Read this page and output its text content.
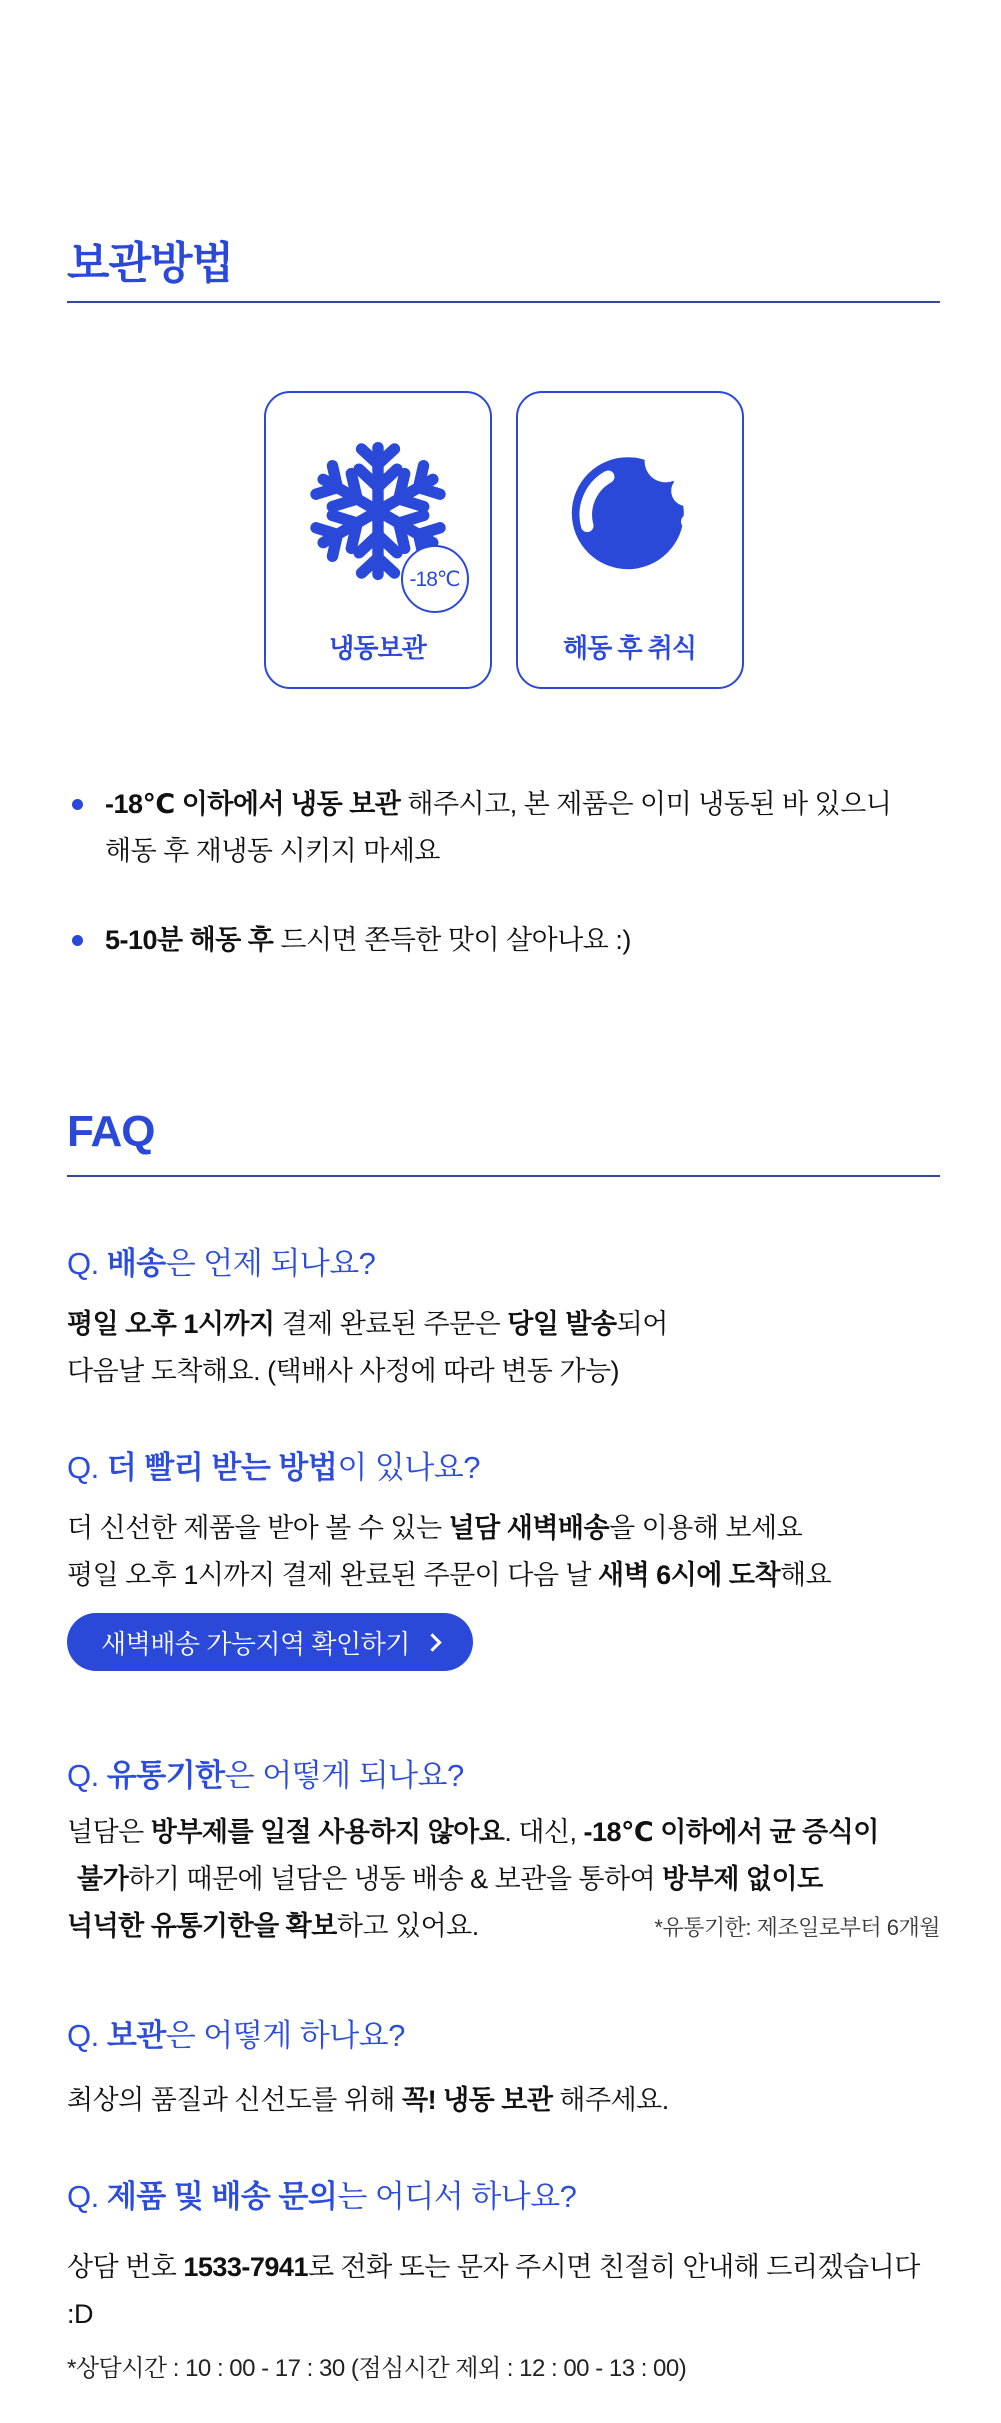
보관방법
-18℃
냉동보관	해동 후 취식
-18℃ 이하에서 냉동 보관 해주시고, 본 제품은 이미 냉동된 바 있으니
해동 후 재냉동 시키지 마세요
5-10분 해동 후 드시면 쫀득한 맛이 살아나요 :)
FAQ

Q. 배송은 언제 되나요?

평일 오후 1시까지 결제 완료된 주문은 당일 발송되어
다음날 도착해요. (택배사 사정에 따라 변동 가능)

Q. 더 빨리 받는 방법이 있나요?

더 신선한 제품을 받아 볼 수 있는 널담 새벽배송을 이용해 보세요
평일 오후 1시까지 결제 완료된 주문이 다음 날 새벽 6시에 도착해요
새벽배송 가능지역 확인하기

Q. 유통기한은 어떻게 되나요?

널담은 방부제를 일절 사용하지 않아요. 대신, -18℃ 이하에서 균 증식이
불가하기 때문에 널담은 냉동 배송 & 보관을 통하여 방부제 없이도
넉넉한 유통기한을 확보하고 있어요.	*유통기한: 제조일로부터 6개월

Q. 보관은 어떻게 하나요?

최상의 품질과 신선도를 위해 꼭! 냉동 보관 해주세요.

Q. 제품 및 배송 문의는 어디서 하나요?

상담 번호 1533-7941로 전화 또는 문자 주시면 친절히 안내해 드리겠습니다 :D

*상담시간 : 10 : 00 - 17 : 30 (점심시간 제외 : 12 : 00 - 13 : 00)
